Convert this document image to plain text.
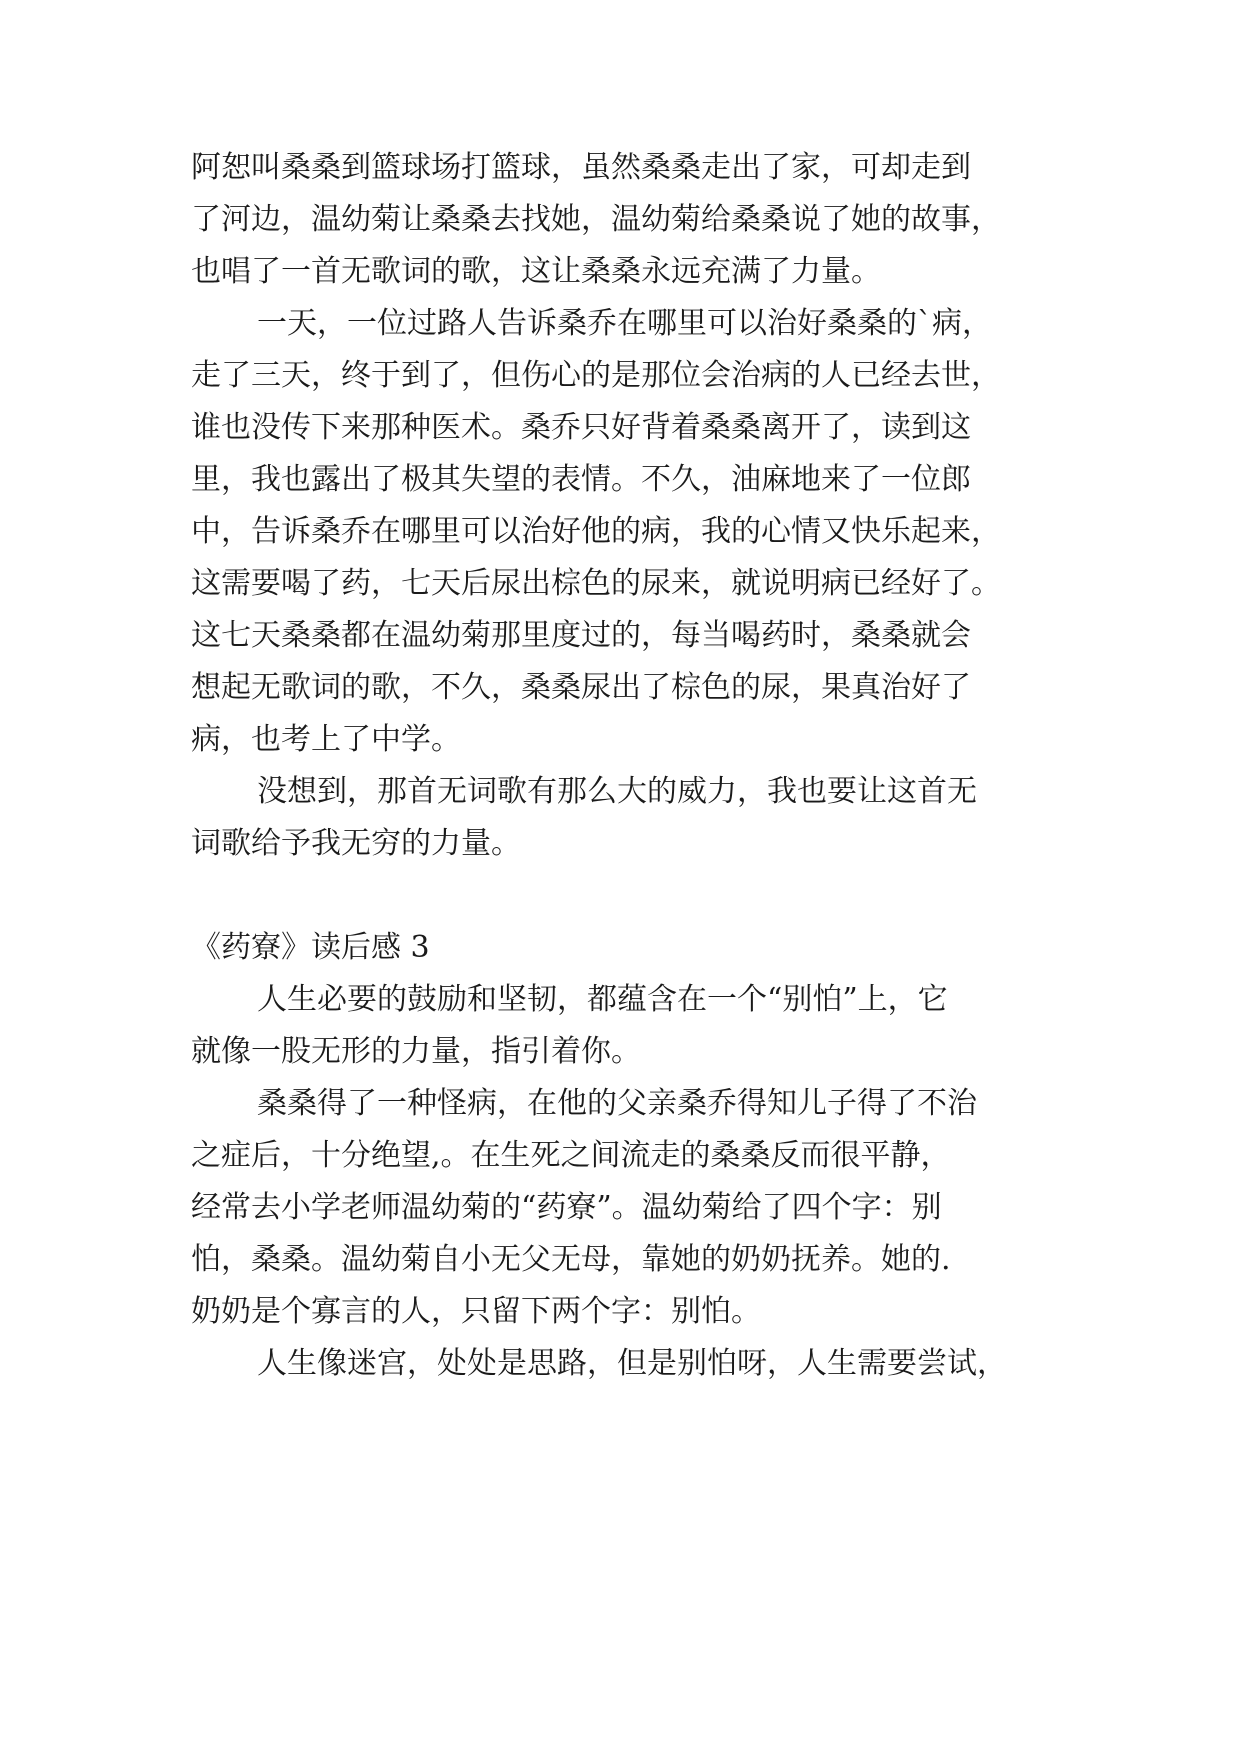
阿恕叫桑桑到篮球场打篮球，虽然桑桑走出了家，可却走到
了河边，温幼菊让桑桑去找她，温幼菊给桑桑说了她的故事，
也唱了一首无歌词的歌，这让桑桑永远充满了力量。
一天，一位过路人告诉桑乔在哪里可以治好桑桑的`病，
走了三天，终于到了，但伤心的是那位会治病的人已经去世，
谁也没传下来那种医术。桑乔只好背着桑桑离开了，读到这
里，我也露出了极其失望的表情。不久，油麻地来了一位郎
中，告诉桑乔在哪里可以治好他的病，我的心情又快乐起来，
这需要喝了药，七天后尿出棕色的尿来，就说明病已经好了。
这七天桑桑都在温幼菊那里度过的，每当喝药时，桑桑就会
想起无歌词的歌，不久，桑桑尿出了棕色的尿，果真治好了
病，也考上了中学。
没想到，那首无词歌有那么大的威力，我也要让这首无
词歌给予我无穷的力量。
《药寮》读后感 3
人生必要的鼓励和坚韧，都蕴含在一个“别怕”上，它
就像一股无形的力量，指引着你。
桑桑得了一种怪病，在他的父亲桑乔得知儿子得了不治
之症后，十分绝望,。在生死之间流走的桑桑反而很平静，
经常去小学老师温幼菊的“药寮”。温幼菊给了四个字：别
怕，桑桑。温幼菊自小无父无母，靠她的奶奶抚养。她的.
奶奶是个寡言的人，只留下两个字：别怕。
人生像迷宫，处处是思路，但是别怕呀，人生需要尝试，
